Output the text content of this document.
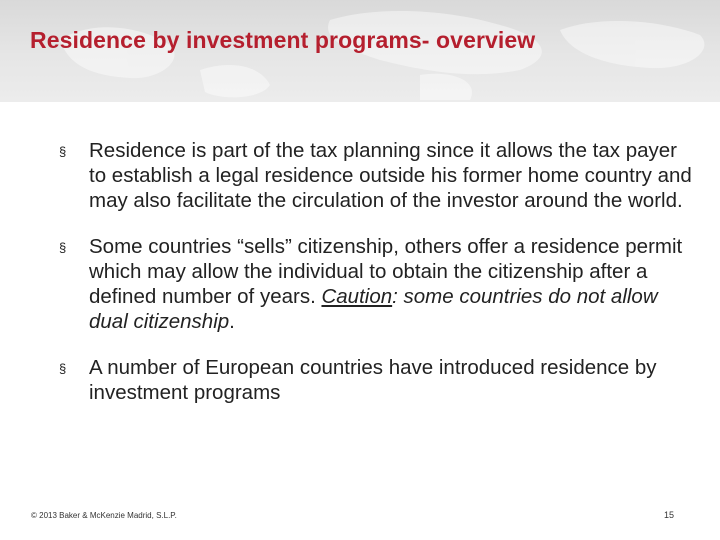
Residence by investment programs- overview
§ Residence is part of the tax planning since it allows the tax payer to establish a legal residence outside his former home country and may also facilitate the circulation of the investor around the world.
§ Some countries “sells” citizenship, others offer a residence permit which may allow the individual to obtain the citizenship after a defined number of years. Caution: some countries do not allow dual citizenship.
§ A number of European countries have introduced residence by investment programs
© 2013 Baker & McKenzie Madrid, S.L.P.	15
